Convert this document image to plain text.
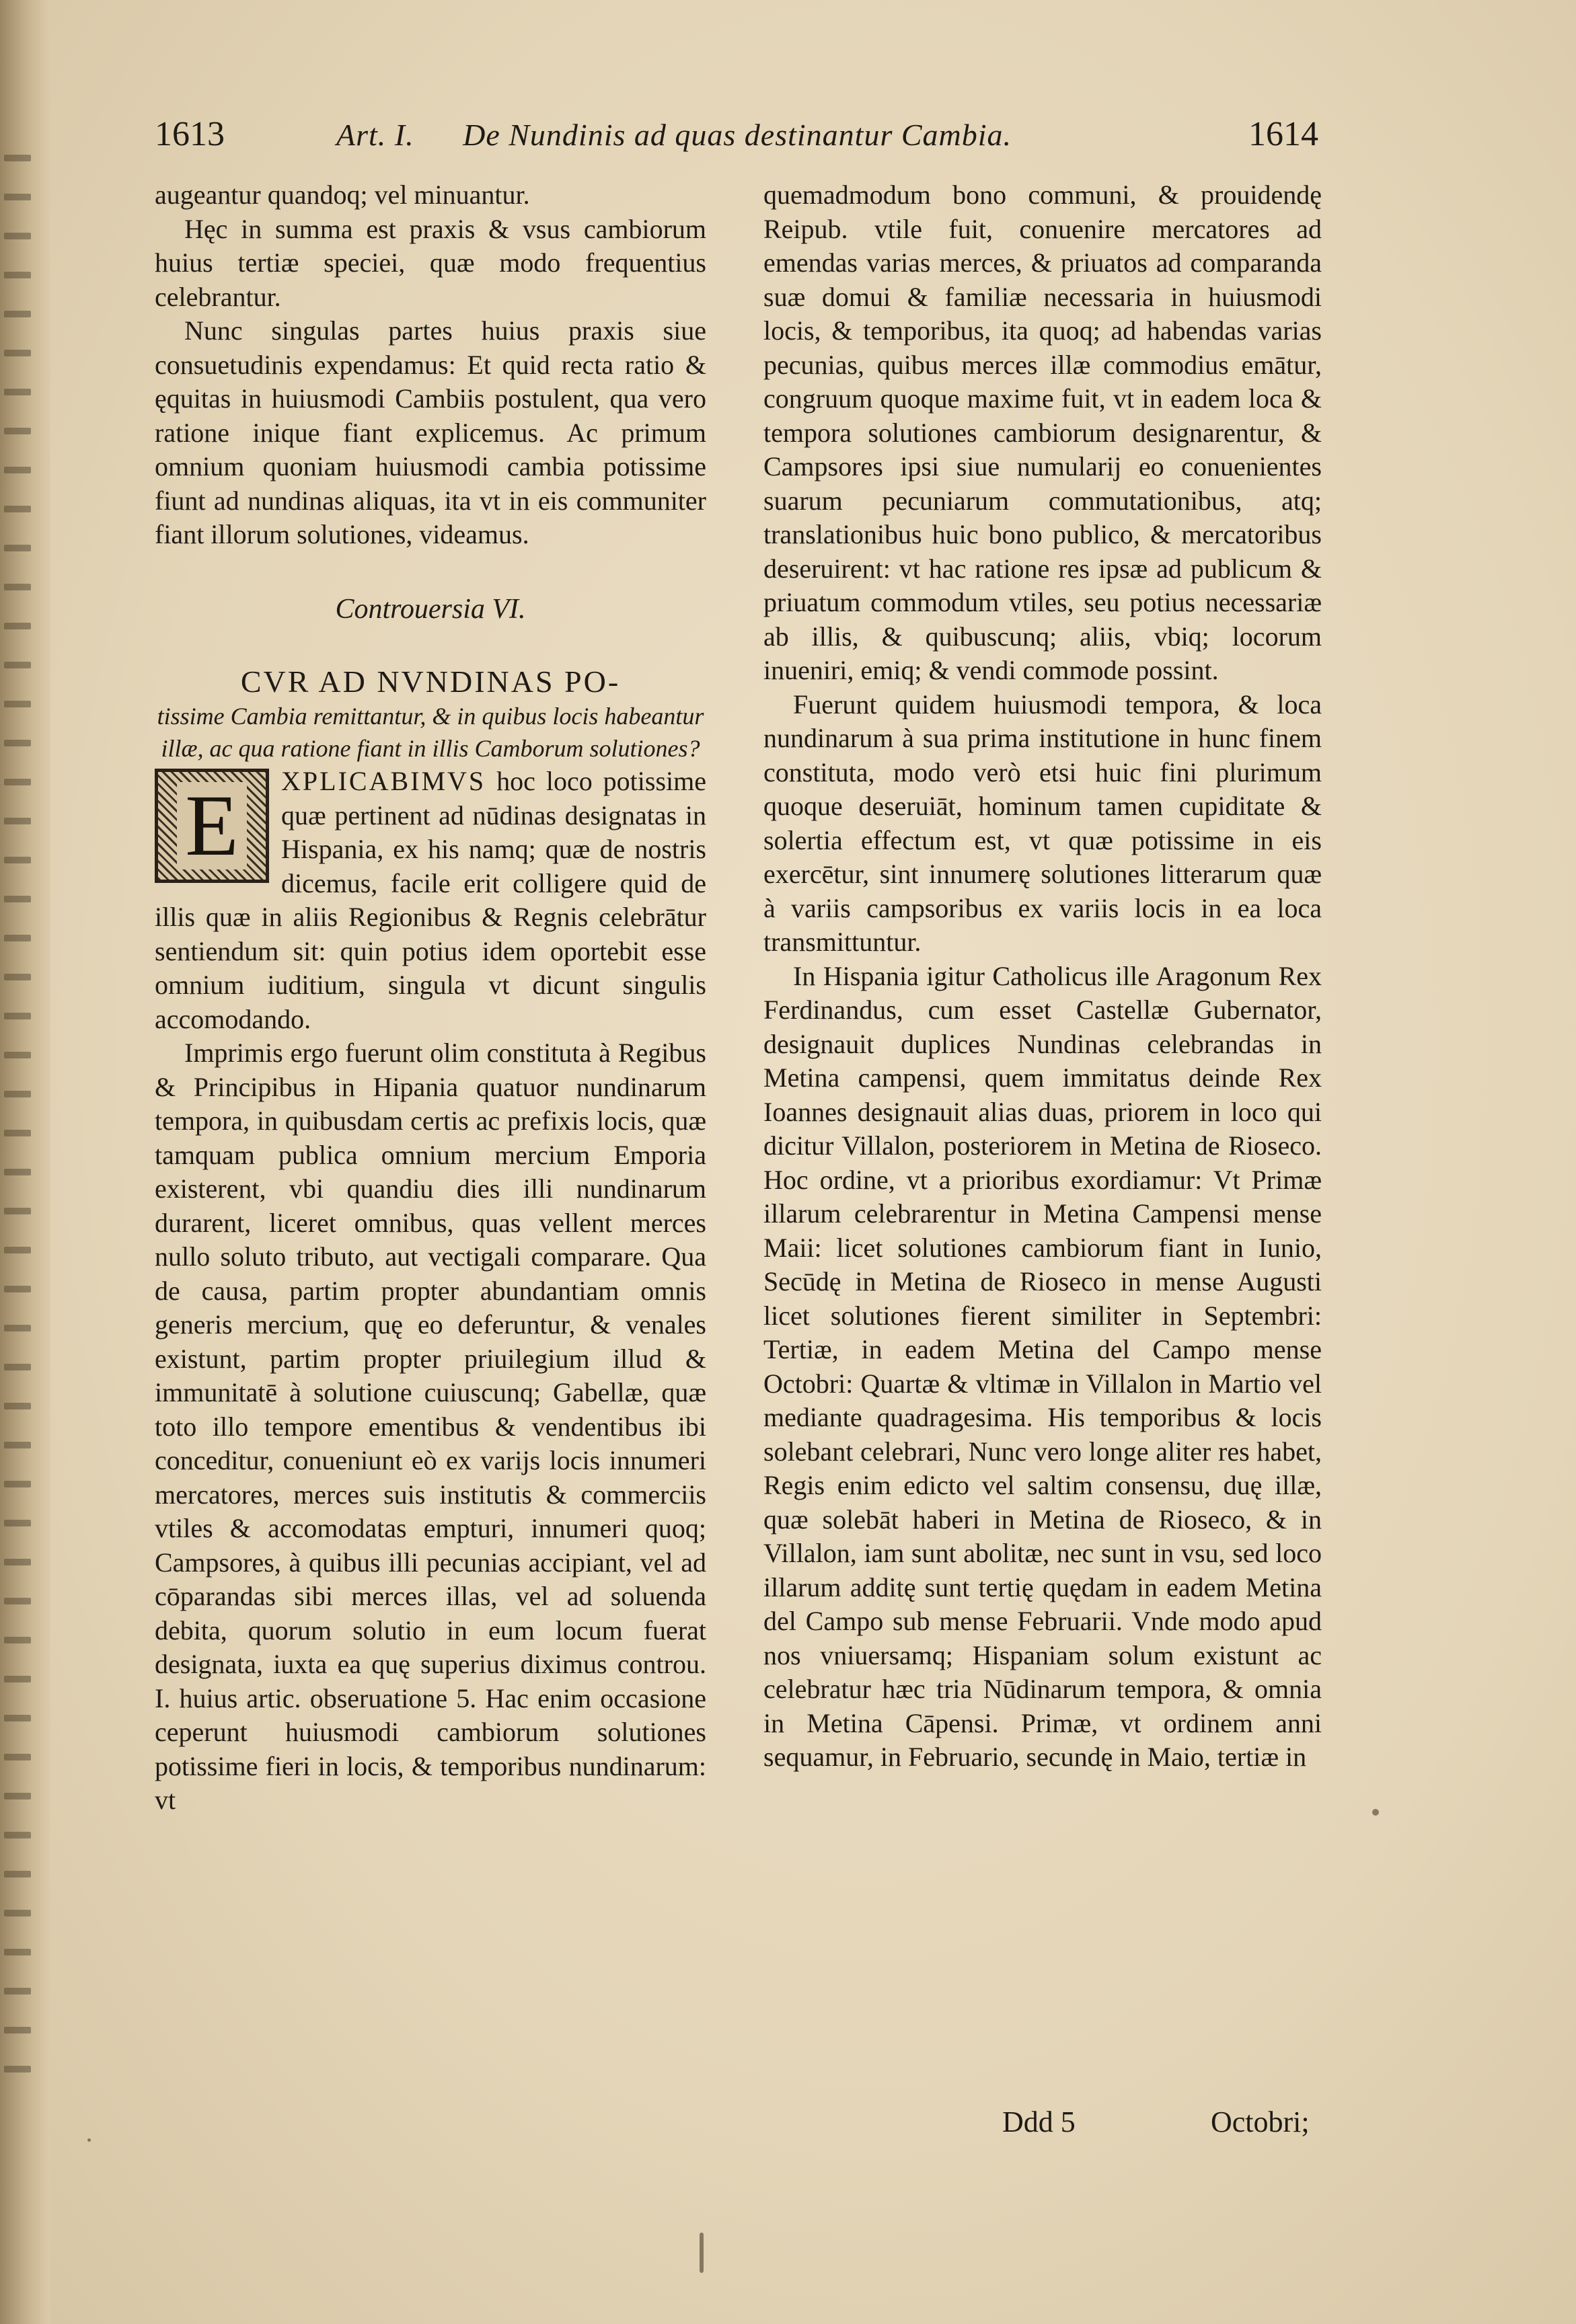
1613	Art. I. De Nundinis ad quas destinantur Cambia.	1614

augeantur quandoq; vel minuantur.

Hęc in summa est praxis & vsus cambiorum huius tertiæ speciei, quæ modo frequentius celebrantur.

Nunc singulas partes huius praxis siue consuetudinis expendamus: Et quid recta ratio & ęquitas in huiusmodi Cambiis postulent, qua vero ratione inique fiant explicemus. Ac primum omnium quoniam huiusmodi cambia potissime fiunt ad nundinas aliquas, ita vt in eis communiter fiant illorum solutiones, videamus.

Controuersia VI.

CVR AD NVNDINAS PO-

tissime Cambia remittantur, & in quibus locis habeantur illæ, ac qua ratione fiant in illis Camborum solutiones?

E	XPLICABIMVS hoc loco potissime quæ pertinent ad nūdinas designatas in Hispania, ex his namq; quæ de nostris dicemus, facile erit colligere quid de illis quæ in aliis Regionibus & Regnis celebrātur sentiendum sit: quin potius idem oportebit esse omnium iuditium, singula vt dicunt singulis accomodando.

Imprimis ergo fuerunt olim constituta à Regibus & Principibus in Hipania quatuor nundinarum tempora, in quibusdam certis ac prefixis locis, quæ tamquam publica omnium mercium Emporia existerent, vbi quandiu dies illi nundinarum durarent, liceret omnibus, quas vellent merces nullo soluto tributo, aut vectigali comparare. Qua de causa, partim propter abundantiam omnis generis mercium, quę eo deferuntur, & venales existunt, partim propter priuilegium illud & immunitatē à solutione cuiuscunq; Gabellæ, quæ toto illo tempore ementibus & vendentibus ibi conceditur, conueniunt eò ex varijs locis innumeri mercatores, merces suis institutis & commerciis vtiles & accomodatas empturi, innumeri quoq; Campsores, à quibus illi pecunias accipiant, vel ad cōparandas sibi merces illas, vel ad soluenda debita, quorum solutio in eum locum fuerat designata, iuxta ea quę superius diximus controu. I. huius artic. obseruatione 5. Hac enim occasione ceperunt huiusmodi cambiorum solutiones potissime fieri in locis, & temporibus nundinarum: vt

quemadmodum bono communi, & prouidendę Reipub. vtile fuit, conuenire mercatores ad emendas varias merces, & priuatos ad comparanda suæ domui & familiæ necessaria in huiusmodi locis, & temporibus, ita quoq; ad habendas varias pecunias, quibus merces illæ commodius emātur, congruum quoque maxime fuit, vt in eadem loca & tempora solutiones cambiorum designarentur, & Campsores ipsi siue numularij eo conuenientes suarum pecuniarum commutationibus, atq; translationibus huic bono publico, & mercatoribus deseruirent: vt hac ratione res ipsæ ad publicum & priuatum commodum vtiles, seu potius necessariæ ab illis, & quibuscunq; aliis, vbiq; locorum inueniri, emiq; & vendi commode possint.

Fuerunt quidem huiusmodi tempora, & loca nundinarum à sua prima institutione in hunc finem constituta, modo verò etsi huic fini plurimum quoque deseruiāt, hominum tamen cupiditate & solertia effectum est, vt quæ potissime in eis exercētur, sint innumerę solutiones litterarum quæ à variis campsoribus ex variis locis in ea loca transmittuntur.

In Hispania igitur Catholicus ille Aragonum Rex Ferdinandus, cum esset Castellæ Gubernator, designauit duplices Nundinas celebrandas in Metina campensi, quem immitatus deinde Rex Ioannes designauit alias duas, priorem in loco qui dicitur Villalon, posteriorem in Metina de Rioseco. Hoc ordine, vt a prioribus exordiamur: Vt Primæ illarum celebrarentur in Metina Campensi mense Maii: licet solutiones cambiorum fiant in Iunio, Secūdę in Metina de Rioseco in mense Augusti licet solutiones fierent similiter in Septembri: Tertiæ, in eadem Metina del Campo mense Octobri: Quartæ & vltimæ in Villalon in Martio vel mediante quadragesima. His temporibus & locis solebant celebrari, Nunc vero longe aliter res habet, Regis enim edicto vel saltim consensu, duę illæ, quæ solebāt haberi in Metina de Rioseco, & in Villalon, iam sunt abolitæ, nec sunt in vsu, sed loco illarum additę sunt tertię quędam in eadem Metina del Campo sub mense Februarii. Vnde modo apud nos vniuersamq; Hispaniam solum existunt ac celebratur hæc tria Nūdinarum tempora, & omnia in Metina Cāpensi. Primæ, vt ordinem anni sequamur, in Februario, secundę in Maio, tertiæ in

Ddd 5	Octobri;
